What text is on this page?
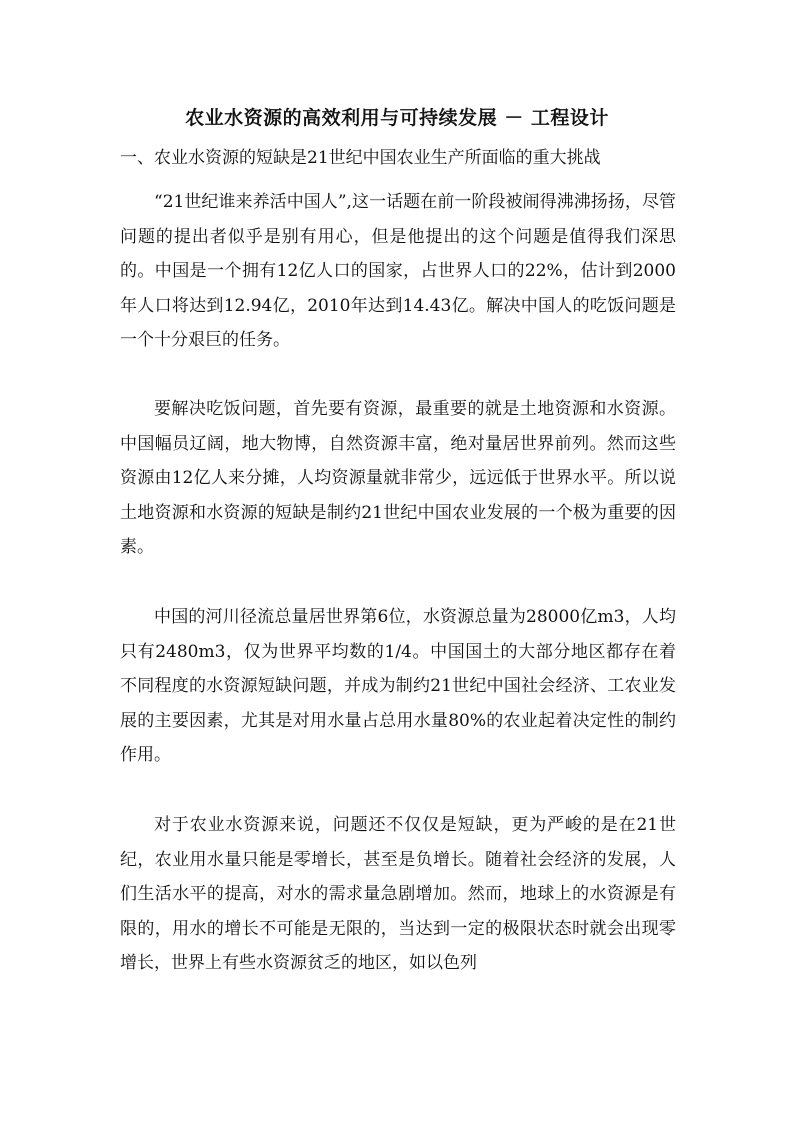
农业水资源的高效利用与可持续发展 － 工程设计
一、农业水资源的短缺是21世纪中国农业生产所面临的重大挑战

“21世纪谁来养活中国人”,这一话题在前一阶段被闹得沸沸扬扬，尽管问题的提出者似乎是别有用心，但是他提出的这个问题是值得我们深思的。中国是一个拥有12亿人口的国家，占世界人口的22%，估计到2000年人口将达到12.94亿，2010年达到14.43亿。解决中国人的吃饭问题是一个十分艰巨的任务。

要解决吃饭问题，首先要有资源，最重要的就是土地资源和水资源。中国幅员辽阔，地大物博，自然资源丰富，绝对量居世界前列。然而这些资源由12亿人来分摊，人均资源量就非常少，远远低于世界水平。所以说土地资源和水资源的短缺是制约21世纪中国农业发展的一个极为重要的因素。

中国的河川径流总量居世界第6位，水资源总量为28000亿m3，人均只有2480m3，仅为世界平均数的1/4。中国国土的大部分地区都存在着不同程度的水资源短缺问题，并成为制约21世纪中国社会经济、工农业发展的主要因素，尤其是对用水量占总用水量80%的农业起着决定性的制约作用。

对于农业水资源来说，问题还不仅仅是短缺，更为严峻的是在21世纪，农业用水量只能是零增长，甚至是负增长。随着社会经济的发展，人们生活水平的提高，对水的需求量急剧增加。然而，地球上的水资源是有限的，用水的增长不可能是无限的，当达到一定的极限状态时就会出现零增长，世界上有些水资源贫乏的地区，如以色列
